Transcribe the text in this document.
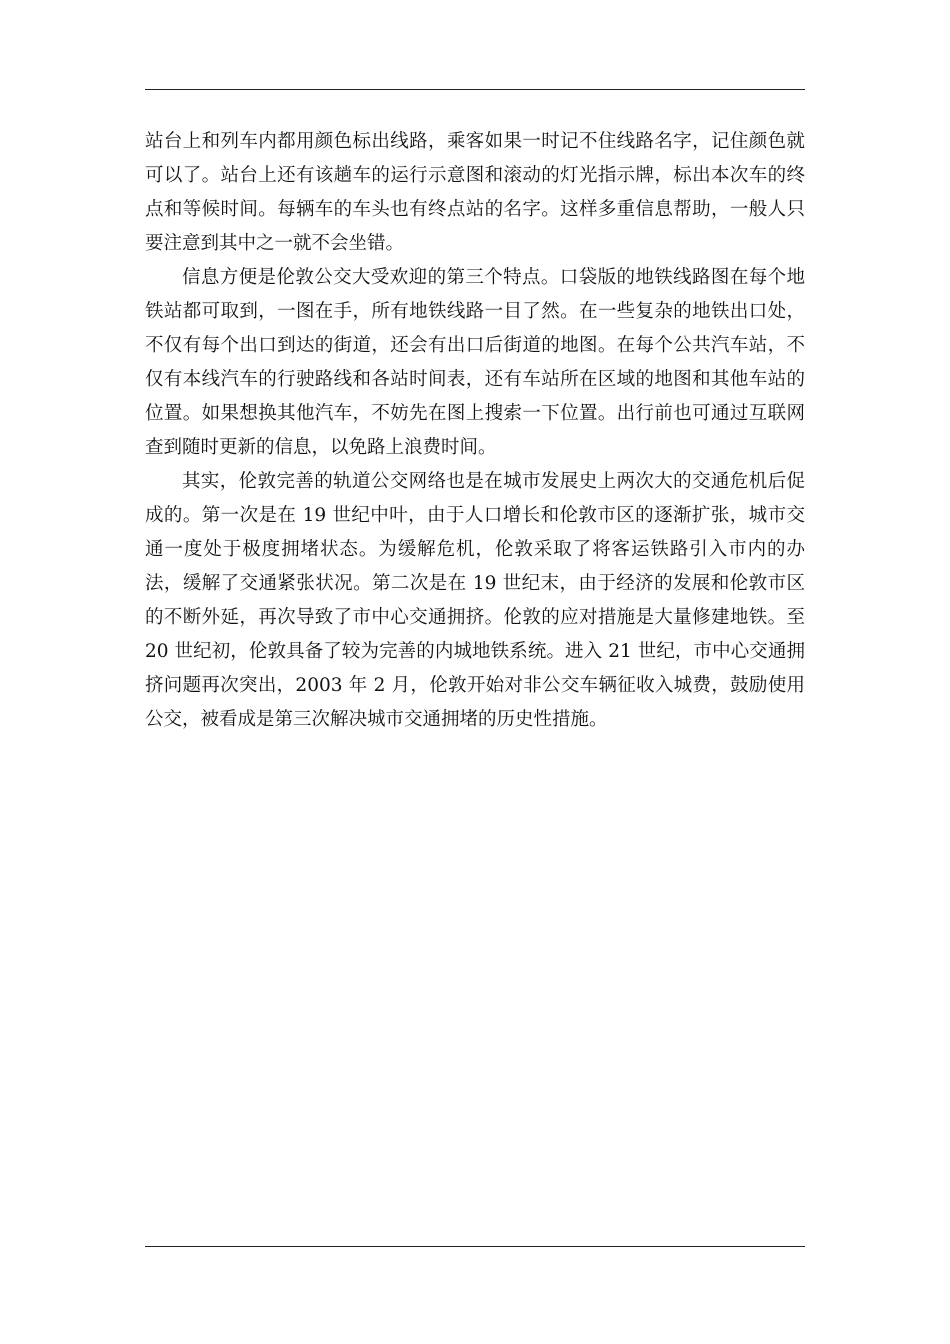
站台上和列车内都用颜色标出线路，乘客如果一时记不住线路名字，记住颜色就可以了。站台上还有该趟车的运行示意图和滚动的灯光指示牌，标出本次车的终点和等候时间。每辆车的车头也有终点站的名字。这样多重信息帮助，一般人只要注意到其中之一就不会坐错。

信息方便是伦敦公交大受欢迎的第三个特点。口袋版的地铁线路图在每个地铁站都可取到，一图在手，所有地铁线路一目了然。在一些复杂的地铁出口处，不仅有每个出口到达的街道，还会有出口后街道的地图。在每个公共汽车站，不仅有本线汽车的行驶路线和各站时间表，还有车站所在区域的地图和其他车站的位置。如果想换其他汽车，不妨先在图上搜索一下位置。出行前也可通过互联网查到随时更新的信息，以免路上浪费时间。

其实，伦敦完善的轨道公交网络也是在城市发展史上两次大的交通危机后促成的。第一次是在 19 世纪中叶，由于人口增长和伦敦市区的逐渐扩张，城市交通一度处于极度拥堵状态。为缓解危机，伦敦采取了将客运铁路引入市内的办法，缓解了交通紧张状况。第二次是在 19 世纪末，由于经济的发展和伦敦市区的不断外延，再次导致了市中心交通拥挤。伦敦的应对措施是大量修建地铁。至 20 世纪初，伦敦具备了较为完善的内城地铁系统。进入 21 世纪，市中心交通拥挤问题再次突出，2003 年 2 月，伦敦开始对非公交车辆征收入城费，鼓励使用公交，被看成是第三次解决城市交通拥堵的历史性措施。
